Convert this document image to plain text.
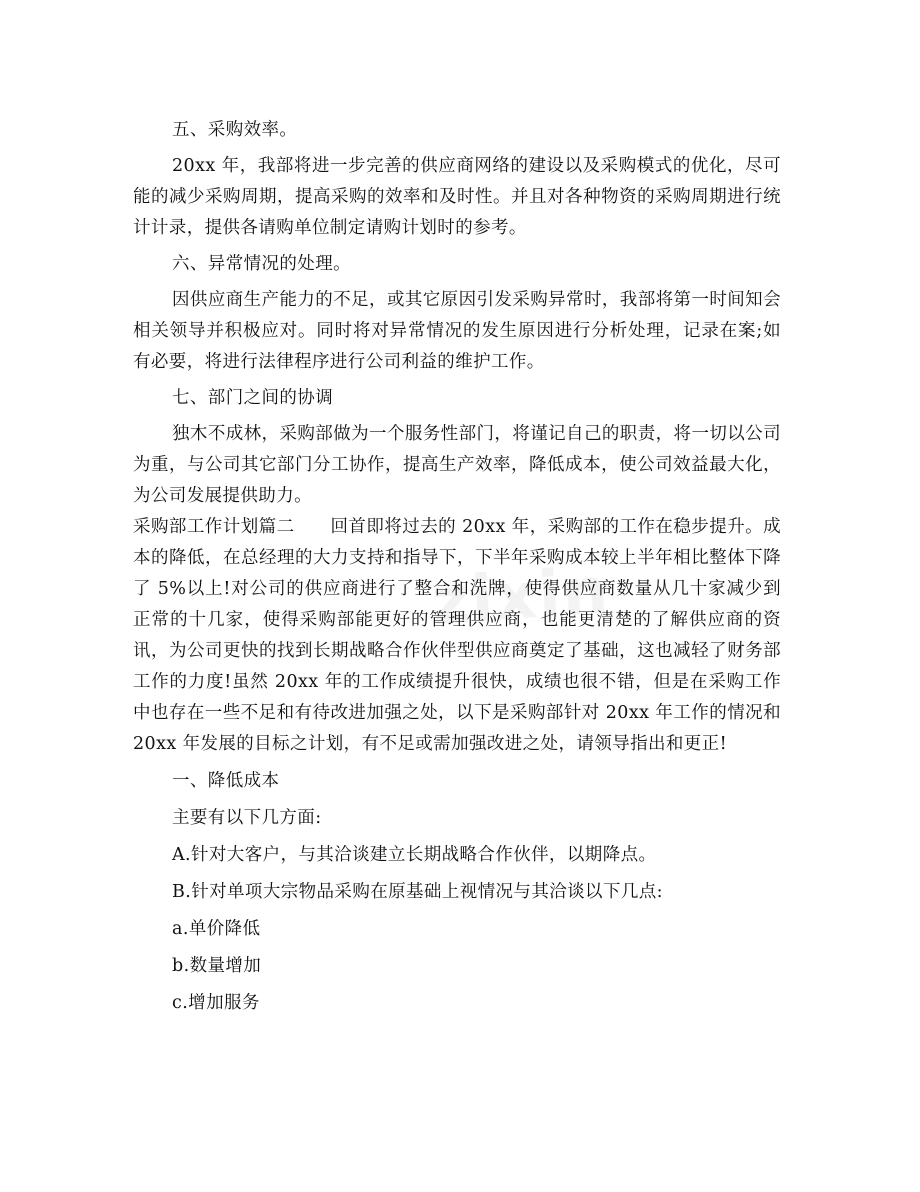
五、采购效率。

20xx 年，我部将进一步完善的供应商网络的建设以及采购模式的优化，尽可能的减少采购周期，提高采购的效率和及时性。并且对各种物资的采购周期进行统计计录，提供各请购单位制定请购计划时的参考。

六、异常情况的处理。

因供应商生产能力的不足，或其它原因引发采购异常时，我部将第一时间知会相关领导并积极应对。同时将对异常情况的发生原因进行分析处理，记录在案;如有必要，将进行法律程序进行公司利益的维护工作。

七、部门之间的协调

独木不成林，采购部做为一个服务性部门，将谨记自己的职责，将一切以公司为重，与公司其它部门分工协作，提高生产效率，降低成本，使公司效益最大化，为公司发展提供助力。

采购部工作计划篇二　　回首即将过去的 20xx 年，采购部的工作在稳步提升。成本的降低，在总经理的大力支持和指导下，下半年采购成本较上半年相比整体下降了 5%以上!对公司的供应商进行了整合和洗牌，使得供应商数量从几十家减少到正常的十几家，使得采购部能更好的管理供应商，也能更清楚的了解供应商的资讯，为公司更快的找到长期战略合作伙伴型供应商奠定了基础，这也减轻了财务部工作的力度!虽然 20xx 年的工作成绩提升很快，成绩也很不错，但是在采购工作中也存在一些不足和有待改进加强之处，以下是采购部针对 20xx 年工作的情况和 20xx 年发展的目标之计划，有不足或需加强改进之处，请领导指出和更正!

一、降低成本

主要有以下几方面:

A.针对大客户，与其洽谈建立长期战略合作伙伴，以期降点。

B.针对单项大宗物品采购在原基础上视情况与其洽谈以下几点:

a.单价降低

b.数量增加

c.增加服务
